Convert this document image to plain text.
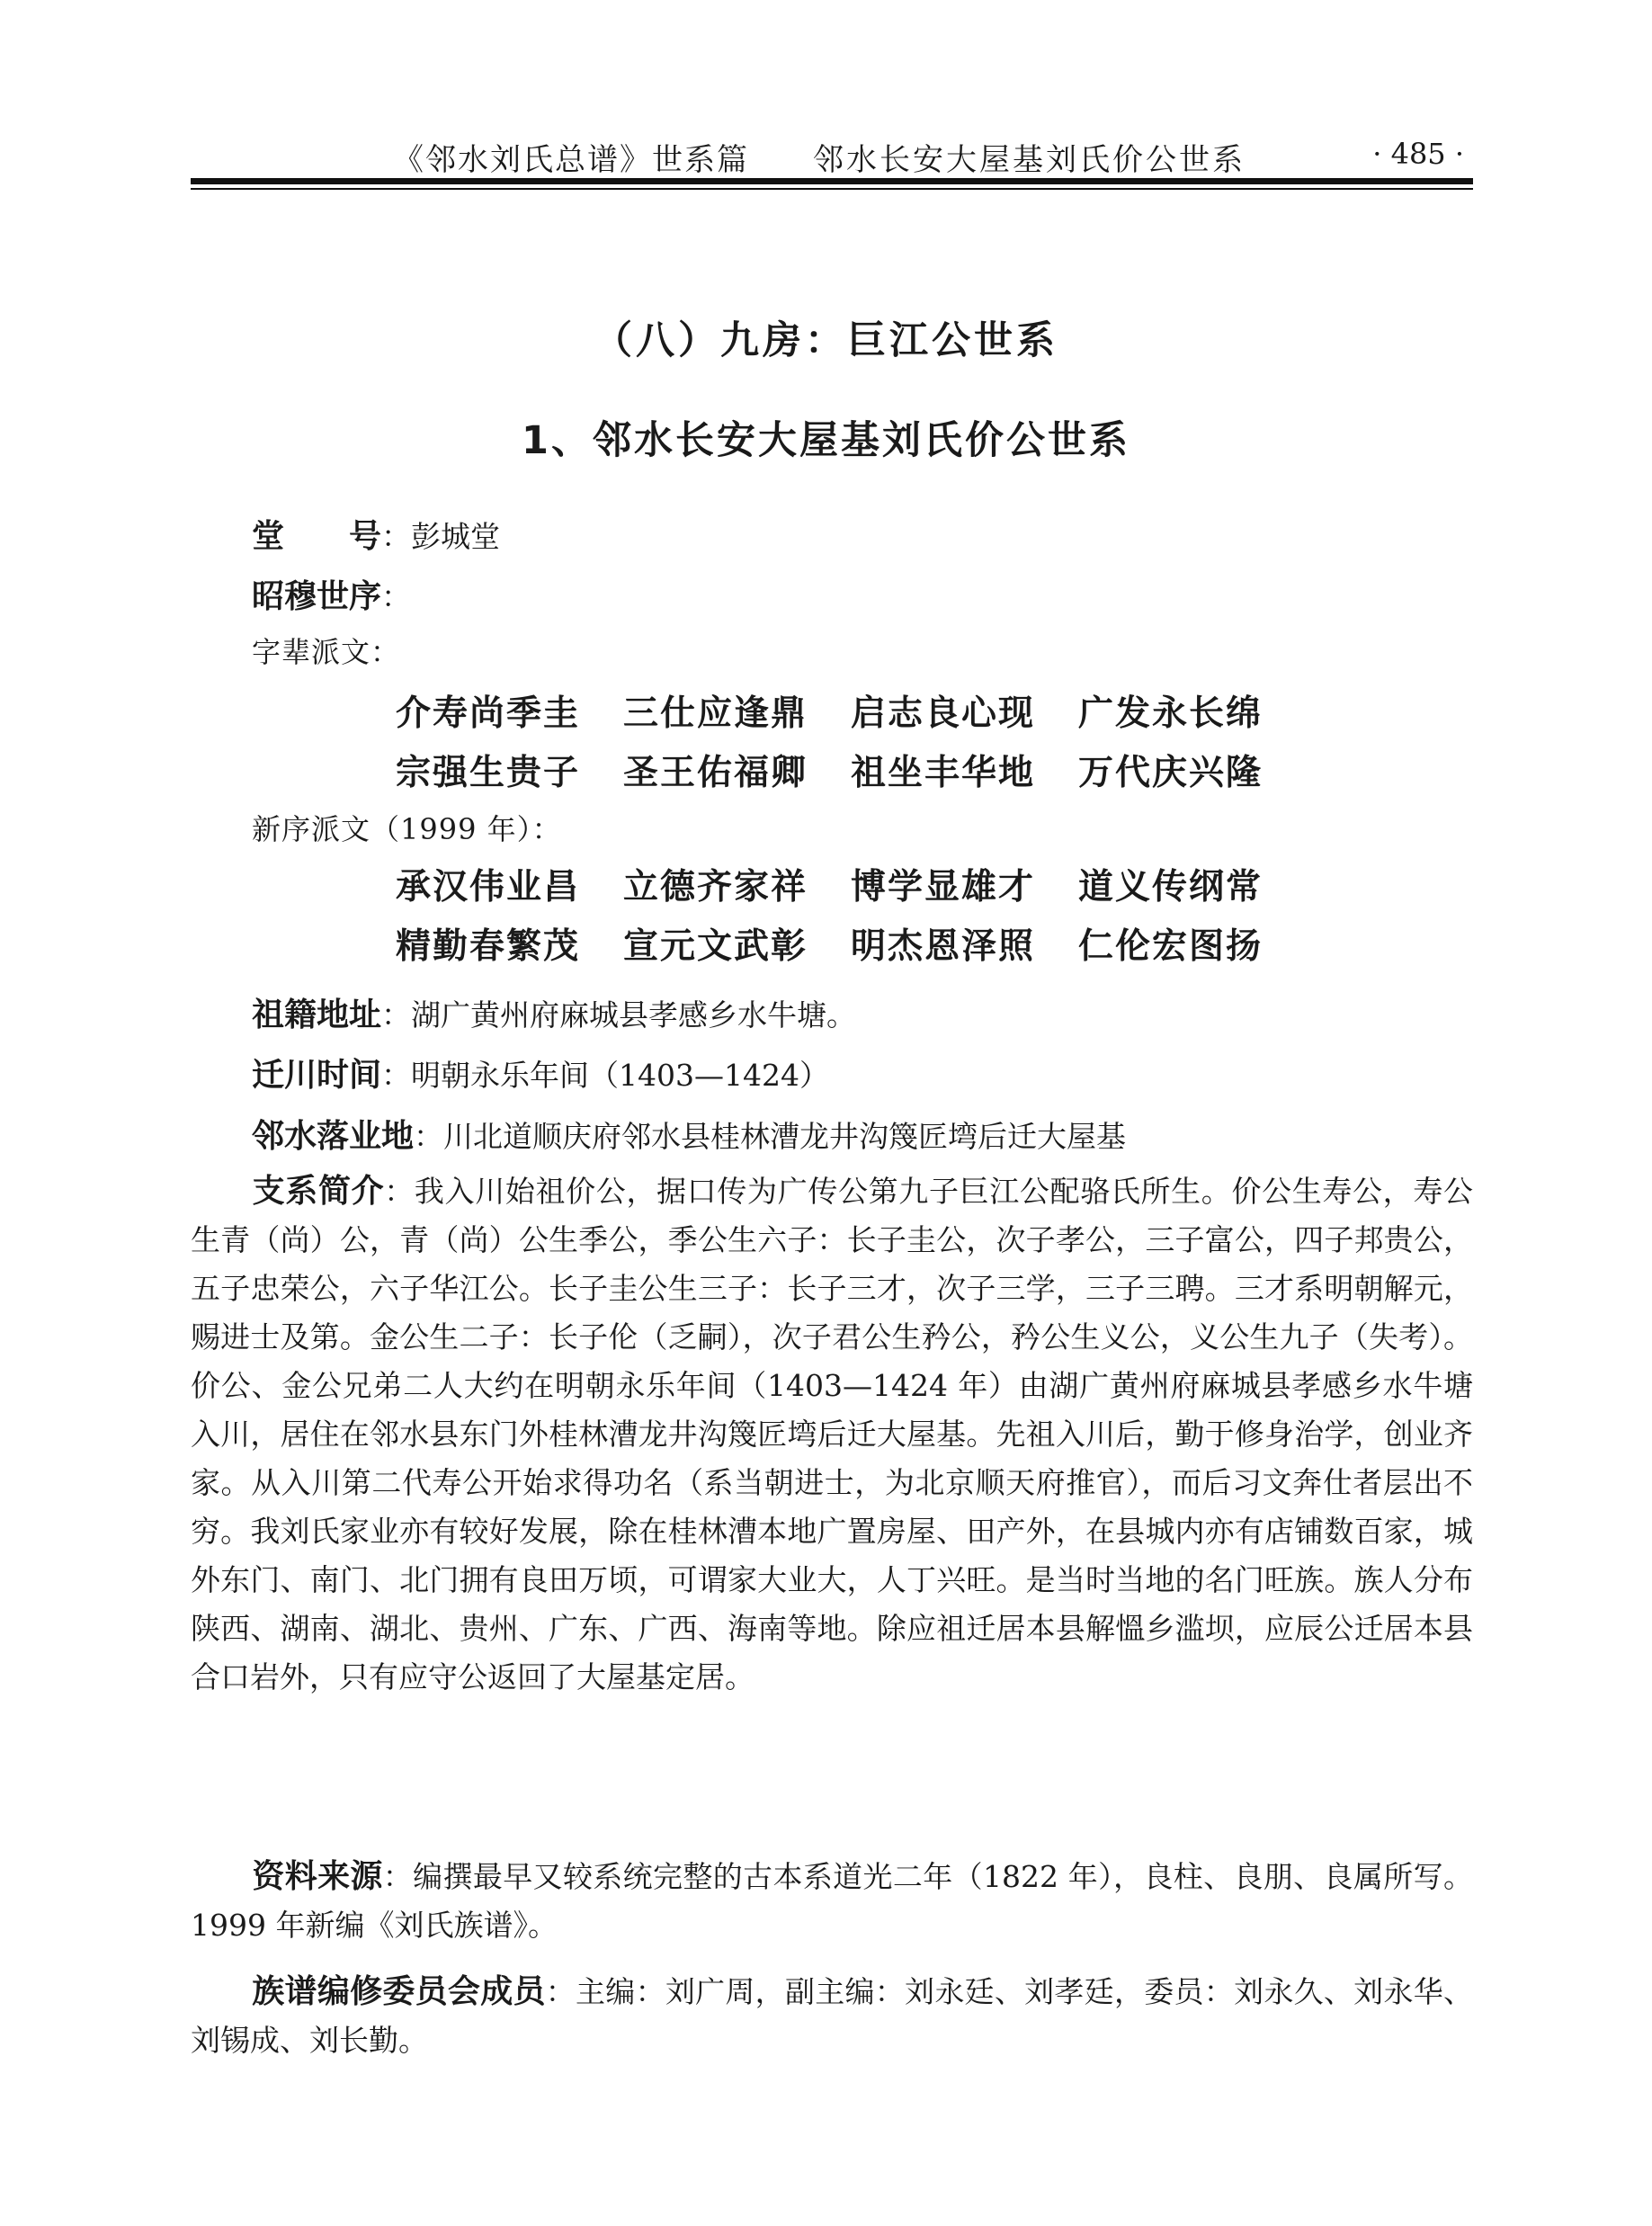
《邻水刘氏总谱》世系篇 邻水长安大屋基刘氏价公世系	· 485 ·
（八）九房：巨江公世系
1、邻水长安大屋基刘氏价公世系
堂　　号：彭城堂
昭穆世序：
字辈派文：
介寿尚季圭 三仕应逢鼎 启志良心现 广发永长绵
宗强生贵子 圣王佑福卿 祖坐丰华地 万代庆兴隆
新序派文（1999 年）：
承汉伟业昌 立德齐家祥 博学显雄才 道义传纲常
精勤春繁茂 宣元文武彰 明杰恩泽照 仁伦宏图扬
祖籍地址：湖广黄州府麻城县孝感乡水牛塘。
迁川时间：明朝永乐年间（1403—1424）
邻水落业地：川北道顺庆府邻水县桂林漕龙井沟篾匠塆后迁大屋基
支系简介：我入川始祖价公，据口传为广传公第九子巨江公配骆氏所生。价公生寿公，寿公生青（尚）公，青（尚）公生季公，季公生六子：长子圭公，次子孝公，三子富公，四子邦贵公，五子忠荣公，六子华江公。长子圭公生三子：长子三才，次子三学，三子三聘。三才系明朝解元，赐进士及第。金公生二子：长子伦（乏嗣），次子君公生矜公，矜公生义公，义公生九子（失考）。价公、金公兄弟二人大约在明朝永乐年间（1403—1424 年）由湖广黄州府麻城县孝感乡水牛塘入川，居住在邻水县东门外桂林漕龙井沟篾匠塆后迁大屋基。先祖入川后，勤于修身治学，创业齐家。从入川第二代寿公开始求得功名（系当朝进士，为北京顺天府推官），而后习文奔仕者层出不穷。我刘氏家业亦有较好发展，除在桂林漕本地广置房屋、田产外，在县城内亦有店铺数百家，城外东门、南门、北门拥有良田万顷，可谓家大业大，人丁兴旺。是当时当地的名门旺族。族人分布陕西、湖南、湖北、贵州、广东、广西、海南等地。除应祖迁居本县解慍乡滥坝，应辰公迁居本县合口岩外，只有应守公返回了大屋基定居。
资料来源：编撰最早又较系统完整的古本系道光二年（1822 年），良柱、良朋、良属所写。1999 年新编《刘氏族谱》。
族谱编修委员会成员：主编：刘广周，副主编：刘永廷、刘孝廷，委员：刘永久、刘永华、刘锡成、刘长勤。
